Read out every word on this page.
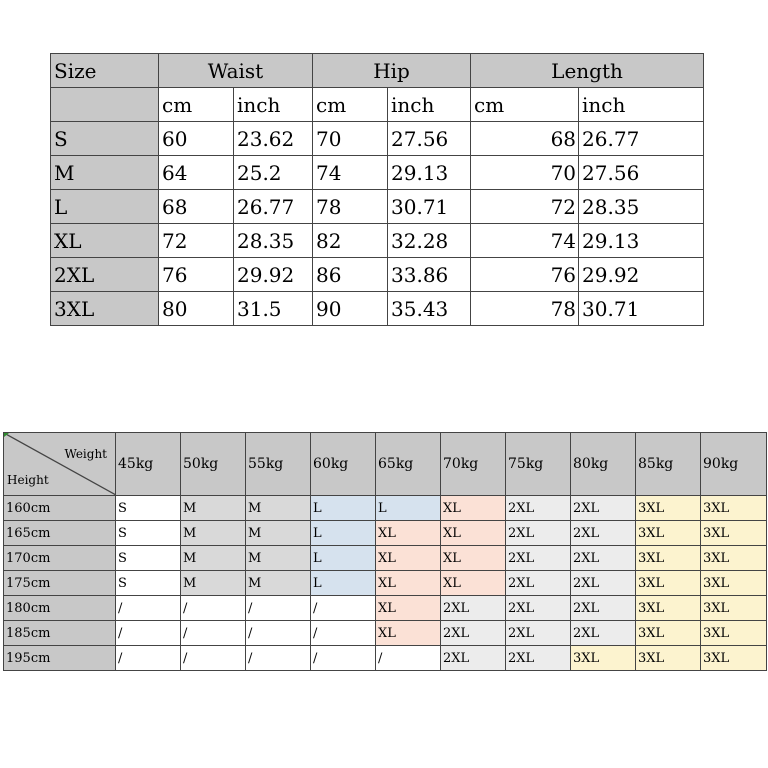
Size	Waist		Hip		Length	
	cm	inch	cm	inch	cm	inch
S	60	23.62	70	27.56	68	26.77
M	64	25.2	74	29.13	70	27.56
L	68	26.77	78	30.71	72	28.35
XL	72	28.35	82	32.28	74	29.13
2XL	76	29.92	86	33.86	76	29.92
3XL	80	31.5	90	35.43	78	30.71
Weight
Height	45kg	50kg	55kg	60kg	65kg	70kg	75kg	80kg	85kg	90kg
160cm	S	M	M	L	L	XL	2XL	2XL	3XL	3XL
165cm	S	M	M	L	XL	XL	2XL	2XL	3XL	3XL
170cm	S	M	M	L	XL	XL	2XL	2XL	3XL	3XL
175cm	S	M	M	L	XL	XL	2XL	2XL	3XL	3XL
180cm	/	/	/	/	XL	2XL	2XL	2XL	3XL	3XL
185cm	/	/	/	/	XL	2XL	2XL	2XL	3XL	3XL
195cm	/	/	/	/	/	2XL	2XL	3XL	3XL	3XL
